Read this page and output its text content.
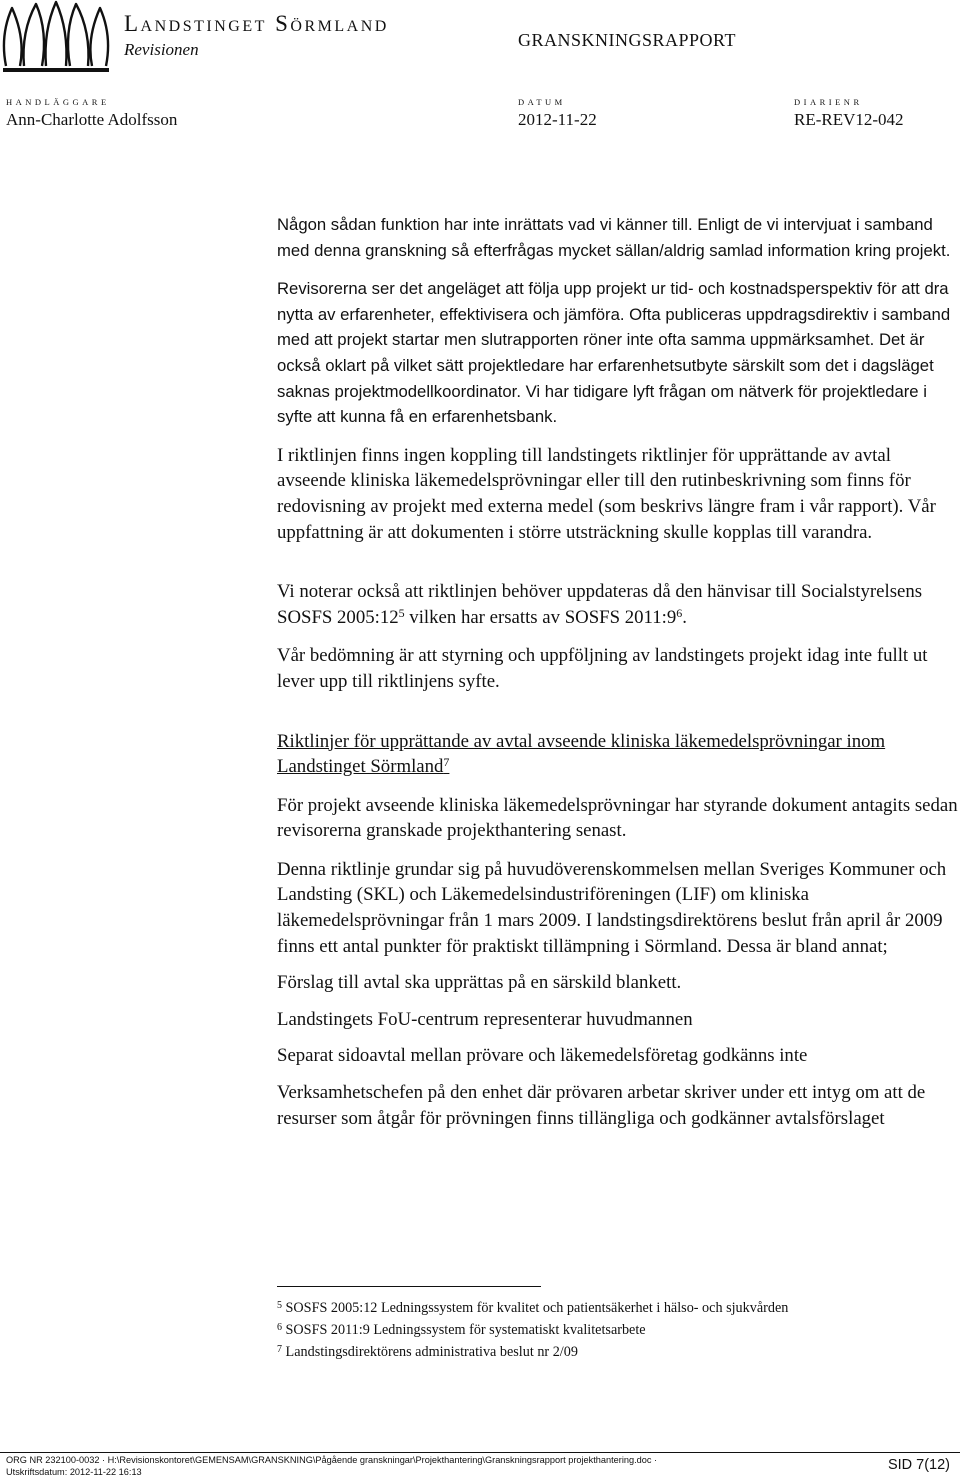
Landstinget Sörmland
Revisionen	GRANSKNINGSRAPPORT
HANDLÄGGARE
Ann-Charlotte Adolfsson
DATUM
2012-11-22
DIARIENR
RE-REV12-042

Någon sådan funktion har inte inrättats vad vi känner till. Enligt de vi intervjuat i samband med denna granskning så efterfrågas mycket sällan/aldrig samlad information kring projekt.

Revisorerna ser det angeläget att följa upp projekt ur tid- och kostnadsperspektiv för att dra nytta av erfarenheter, effektivisera och jämföra. Ofta publiceras uppdragsdirektiv i samband med att projekt startar men slutrapporten röner inte ofta samma uppmärksamhet. Det är också oklart på vilket sätt projektledare har erfarenhetsutbyte särskilt som det i dagsläget saknas projektmodellkoordinator. Vi har tidigare lyft frågan om nätverk för projektledare i syfte att kunna få en erfarenhetsbank.

I riktlinjen finns ingen koppling till landstingets riktlinjer för upprättande av avtal avseende kliniska läkemedelsprövningar eller till den rutinbeskrivning som finns för redovisning av projekt med externa medel (som beskrivs längre fram i vår rapport). Vår uppfattning är att dokumenten i större utsträckning skulle kopplas till varandra.

Vi noterar också att riktlinjen behöver uppdateras då den hänvisar till Socialstyrelsens SOSFS $2005:12^5$ vilken har ersatts av SOSFS $2011:9^6$.

Vår bedömning är att styrning och uppföljning av landstingets projekt idag inte fullt ut lever upp till riktlinjens syfte.

Riktlinjer för upprättande av avtal avseende kliniska läkemedelsprövningar inom Landstinget Sörmland$^7$

För projekt avseende kliniska läkemedelsprövningar har styrande dokument antagits sedan revisorerna granskade projekthantering senast.

Denna riktlinje grundar sig på huvudöverenskommelsen mellan Sveriges Kommuner och Landsting (SKL) och Läkemedelsindustriföreningen (LIF) om kliniska läkemedelsprövningar från 1 mars 2009. I landstingsdirektörens beslut från april år 2009 finns ett antal punkter för praktiskt tillämpning i Sörmland. Dessa är bland annat;

Förslag till avtal ska upprättas på en särskild blankett.

Landstingets FoU-centrum representerar huvudmannen

Separat sidoavtal mellan prövare och läkemedelsföretag godkänns inte

Verksamhetschefen på den enhet där prövaren arbetar skriver under ett intyg om att de resurser som åtgår för prövningen finns tillängliga och godkänner avtalsförslaget

$^5$ SOSFS 2005:12 Ledningssystem för kvalitet och patientsäkerhet i hälso- och sjukvården
$^6$ SOSFS 2011:9 Ledningssystem för systematiskt kvalitetsarbete
$^7$ Landstingsdirektörens administrativa beslut nr 2/09
ORG NR 232100-0032 · H:\Revisionskontoret\GEMENSAM\GRANSKNING\Pågående granskningar\Projekthantering\Granskningsrapport projekthantering.doc ·
Utskriftsdatum: 2012-11-22 16:13	SID 7(12)
